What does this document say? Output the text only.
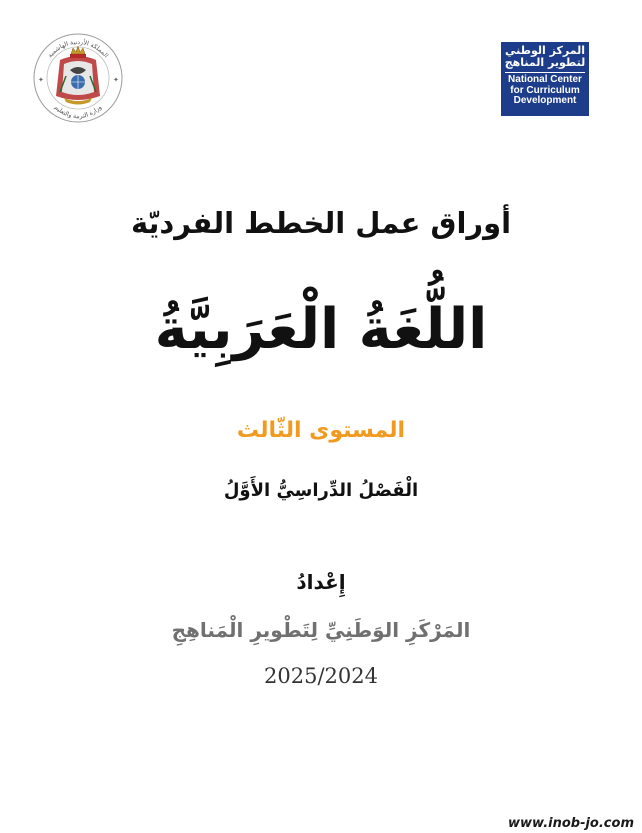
✦	✦
المملكة الأردنية الهاشمية
وزارة التربية والتعليم
المركز الوطني
لتطوير المناهج
National Center
for Curriculum
Development
أوراق عمل الخطط الفرديّة
اللُّغَةُ الْعَرَبِيَّةُ
المستوى الثّالث
الْفَصْلُ الدِّراسِيُّ الأَوَّلُ
إِعْدادُ
المَرْكَزِ الوَطَنِيِّ لِتَطْويرِ الْمَناهِجِ
2025/2024
www.inob-jo.com
